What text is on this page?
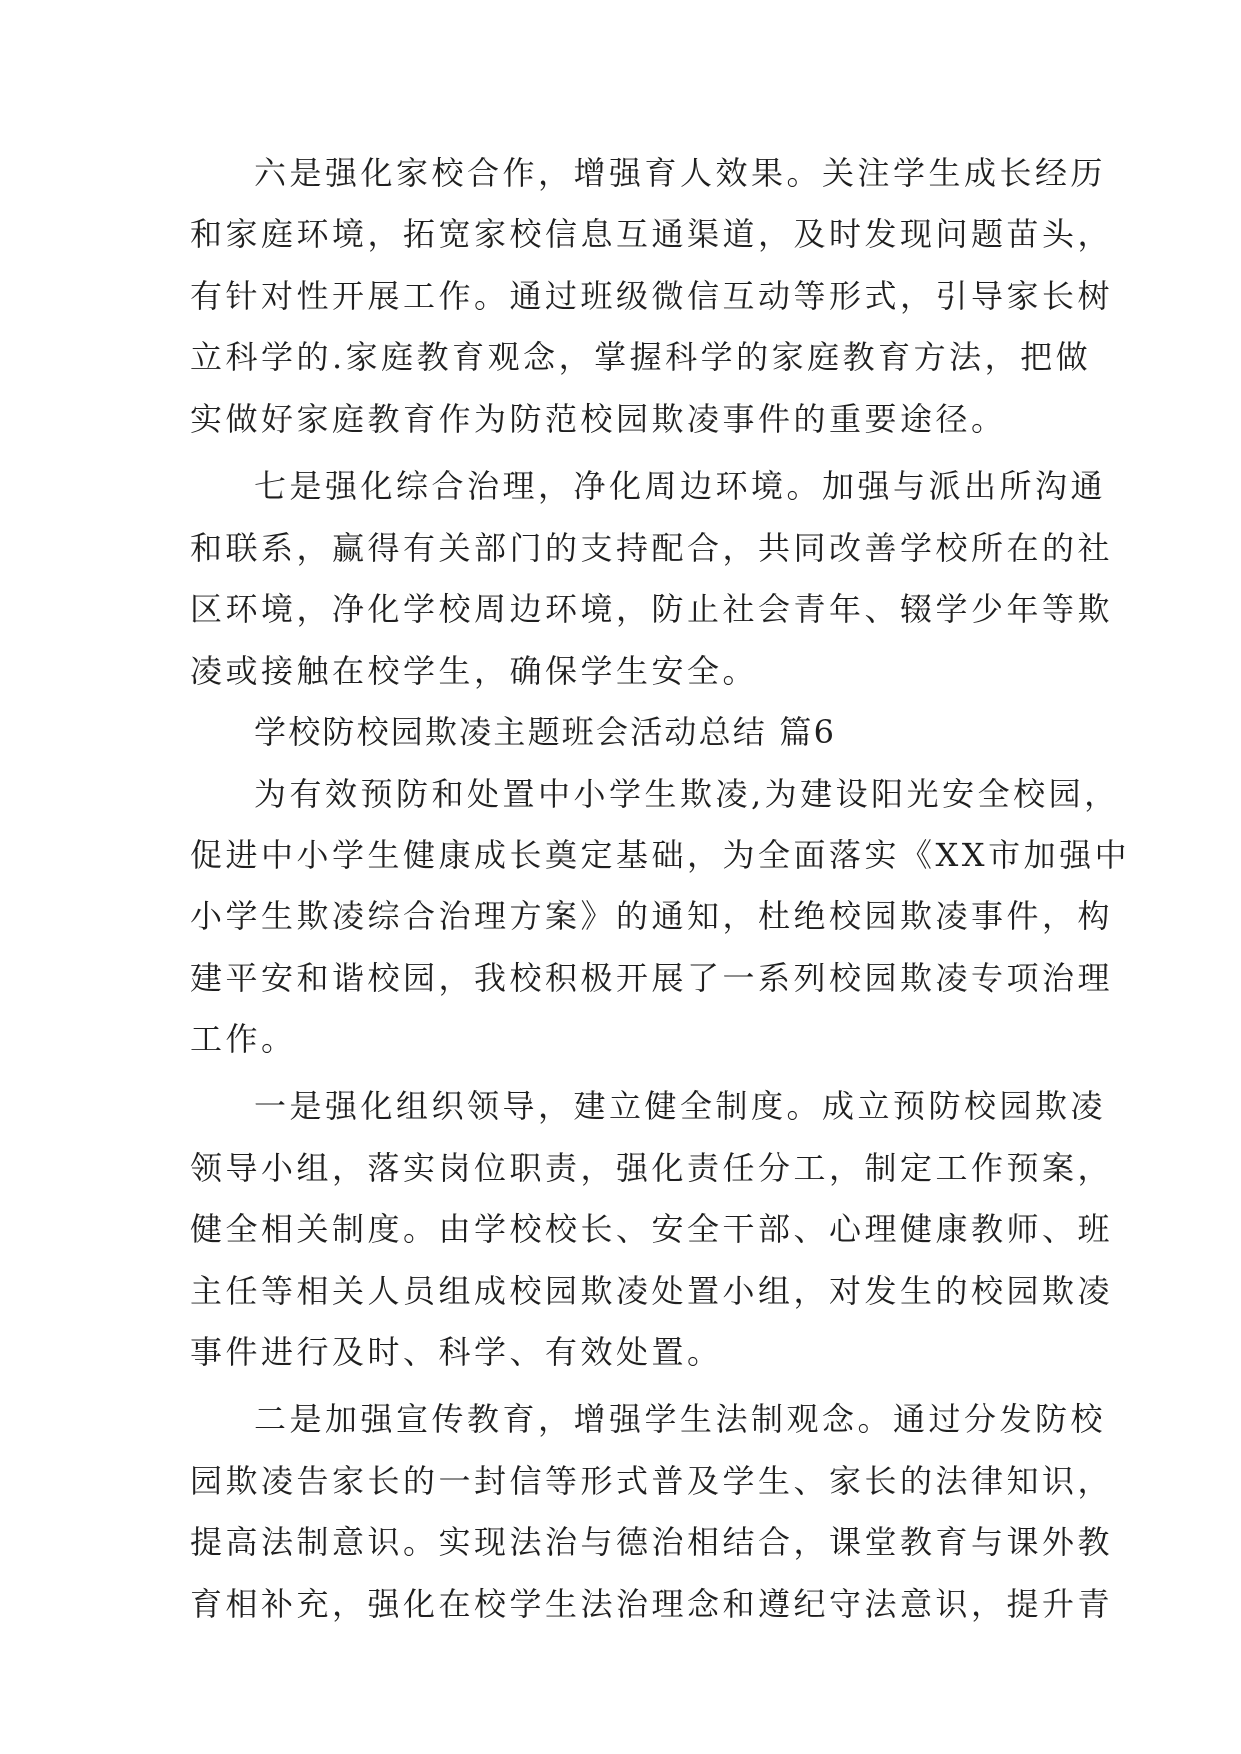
六是强化家校合作，增强育人效果。关注学生成长经历
和家庭环境，拓宽家校信息互通渠道，及时发现问题苗头，
有针对性开展工作。通过班级微信互动等形式，引导家长树
立科学的.家庭教育观念，掌握科学的家庭教育方法，把做
实做好家庭教育作为防范校园欺凌事件的重要途径。
七是强化综合治理，净化周边环境。加强与派出所沟通
和联系，赢得有关部门的支持配合，共同改善学校所在的社
区环境，净化学校周边环境，防止社会青年、辍学少年等欺
凌或接触在校学生，确保学生安全。
学校防校园欺凌主题班会活动总结 篇6
为有效预防和处置中小学生欺凌,为建设阳光安全校园，
促进中小学生健康成长奠定基础，为全面落实《XX市加强中
小学生欺凌综合治理方案》的通知，杜绝校园欺凌事件，构
建平安和谐校园，我校积极开展了一系列校园欺凌专项治理
工作。
一是强化组织领导，建立健全制度。成立预防校园欺凌
领导小组，落实岗位职责，强化责任分工，制定工作预案，
健全相关制度。由学校校长、安全干部、心理健康教师、班
主任等相关人员组成校园欺凌处置小组，对发生的校园欺凌
事件进行及时、科学、有效处置。
二是加强宣传教育，增强学生法制观念。通过分发防校
园欺凌告家长的一封信等形式普及学生、家长的法律知识，
提高法制意识。实现法治与德治相结合，课堂教育与课外教
育相补充，强化在校学生法治理念和遵纪守法意识，提升青
